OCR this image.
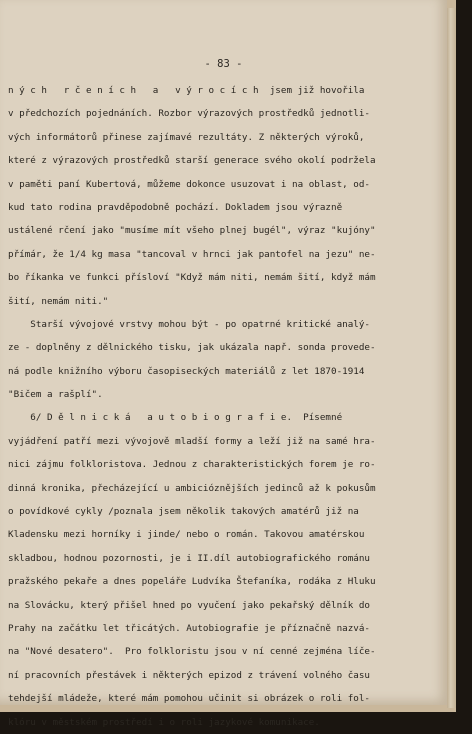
- 83 -

n ý c h   r č e n í c h   a   v ý r o c í c h  jsem již hovořila
v předchozích pojednáních. Rozbor výrazových prostředků jednotli-
vých informátorů přinese zajímavé rezultáty. Z některých výroků,
které z výrazových prostředků starší generace svého okolí podrželа
v paměti paní Kubertová, můžeme dokonce usuzovat i na oblast, od-
kud tato rodina pravděpodobně pochází. Dokladem jsou výrazně
ustálené rčení jako "musíme mít všeho plnej bugél", výraz "kujóny"
přímár, že 1/4 kg masa "tancoval v hrnci jak pantofel na jezu" ne-
bo říkanka ve funkci přísloví "Když mám niti, nemám šití, když mám
šití, nemám niti."
Starší vývojové vrstvy mohou být - po opatrné kritické analý-
ze - doplněny z dělnického tisku, jak ukázala např. sonda provede-
ná podle knižního výboru časopiseckých materiálů z let 1870-1914
"Bičem a rašplí".
6/ D ě l n i c k á   a u t o b i o g r a f i e.  Písemné
vyjádření patří mezi vývojově mladší formy a leží již na samé hra-
nici zájmu folkloristova. Jednou z charakteristických forem je ro-
dinná kronika, přecházející u ambicióznějších jedinců až k pokusům
o povídkové cykly /poznala jsem několik takových amatérů již na
Kladensku mezi horníky i jinde/ nebo o román. Takovou amatérskou
skladbou, hodnou pozornosti, je i II.díl autobiografického románu
pražského pekaře a dnes popeláře Ludvíka Štefaníka, rodáka z Hluku
na Slovácku, který přišel hned po vyučení jako pekařský dělník do
Prahy na začátku let třicátých. Autobiografie je příznačně nazvá-
na "Nové desatero".  Pro folkloristu jsou v ní cenné zejména líče-
ní pracovních přestávek i některých epizod z trávení volného času
tehdejší mládeže, které mám pomohou učinit si obrázek o roli fol-
klóru v městském prostředí i o roli jazykové komunikace.
